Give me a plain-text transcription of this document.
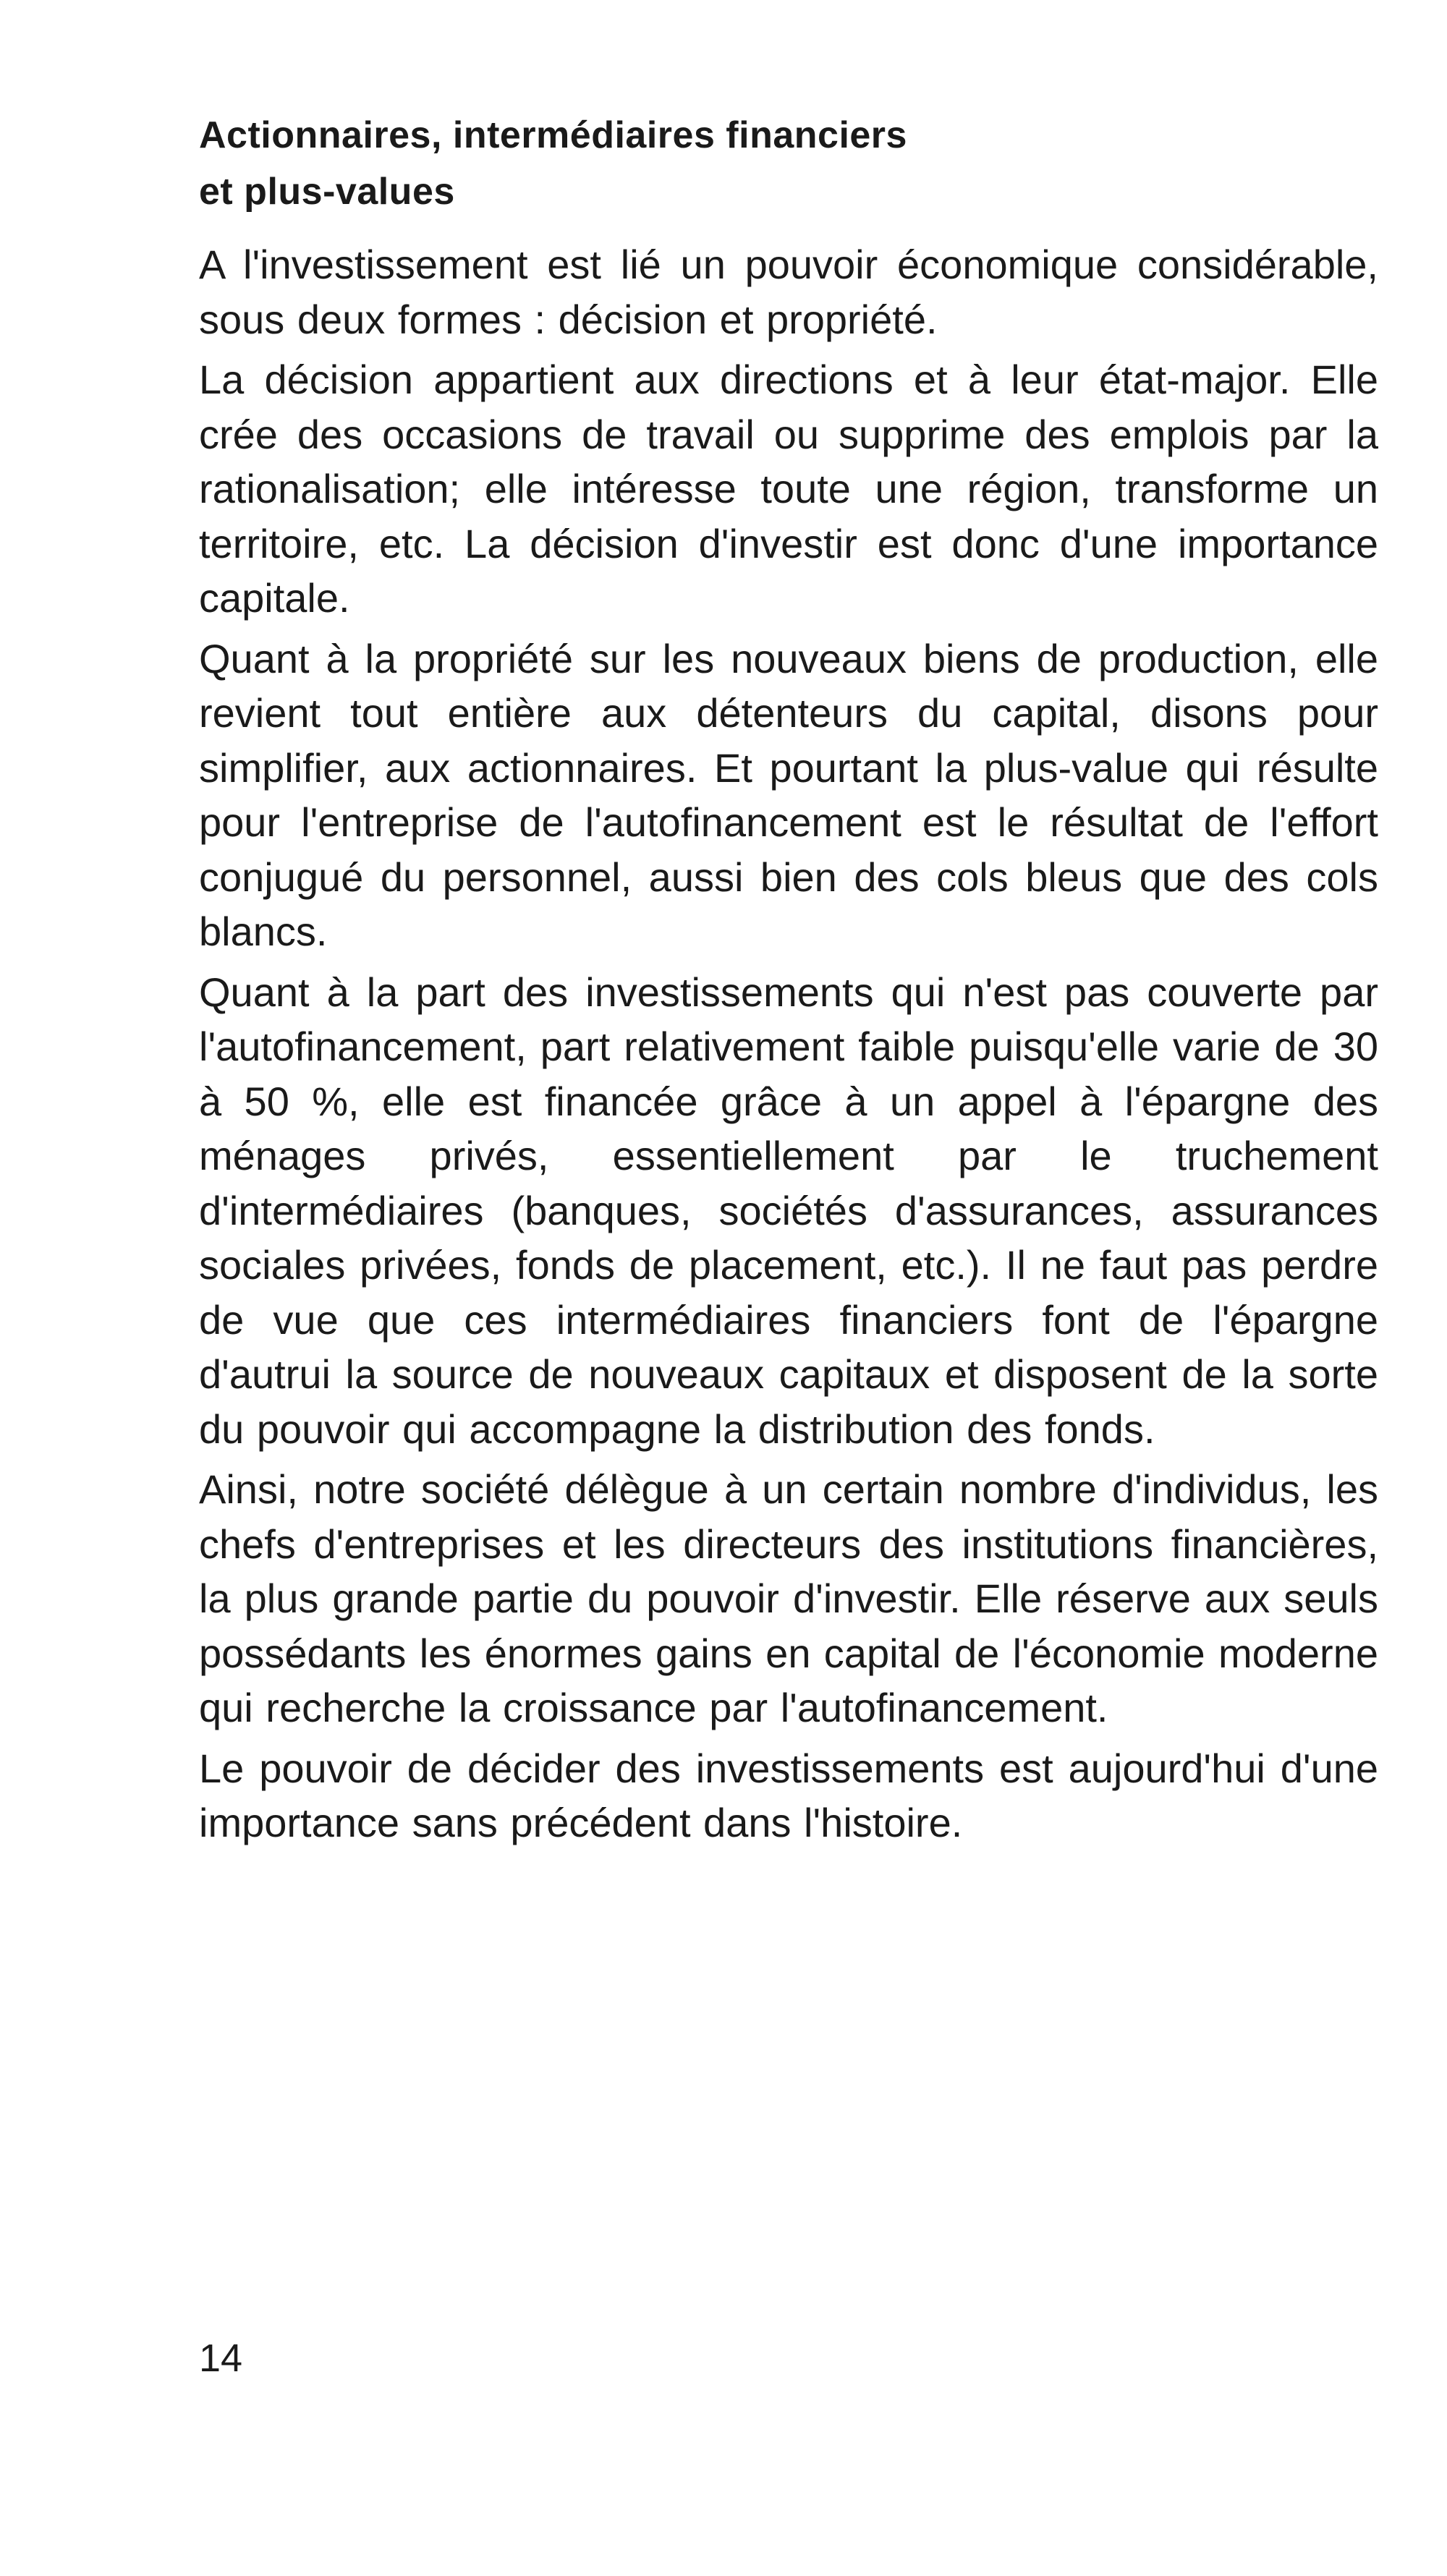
Actionnaires, intermédiaires financiers
et plus-values

A l'investissement est lié un pouvoir économique considérable, sous deux formes : décision et propriété.

La décision appartient aux directions et à leur état-major. Elle crée des occasions de travail ou supprime des emplois par la rationalisation; elle intéresse toute une région, transforme un territoire, etc. La décision d'investir est donc d'une importance capitale.

Quant à la propriété sur les nouveaux biens de production, elle revient tout entière aux détenteurs du capital, disons pour simplifier, aux actionnaires. Et pourtant la plus-value qui résulte pour l'entreprise de l'autofinancement est le résultat de l'effort conjugué du personnel, aussi bien des cols bleus que des cols blancs.

Quant à la part des investissements qui n'est pas couverte par l'autofinancement, part relativement faible puisqu'elle varie de 30 à 50 %, elle est financée grâce à un appel à l'épargne des ménages privés, essentiellement par le truchement d'intermédiaires (banques, sociétés d'assurances, assurances sociales privées, fonds de placement, etc.). Il ne faut pas perdre de vue que ces intermédiaires financiers font de l'épargne d'autrui la source de nouveaux capitaux et disposent de la sorte du pouvoir qui accompagne la distribution des fonds.

Ainsi, notre société délègue à un certain nombre d'individus, les chefs d'entreprises et les directeurs des institutions financières, la plus grande partie du pouvoir d'investir. Elle réserve aux seuls possédants les énormes gains en capital de l'économie moderne qui recherche la croissance par l'autofinancement.

Le pouvoir de décider des investissements est aujourd'hui d'une importance sans précédent dans l'histoire.

14
